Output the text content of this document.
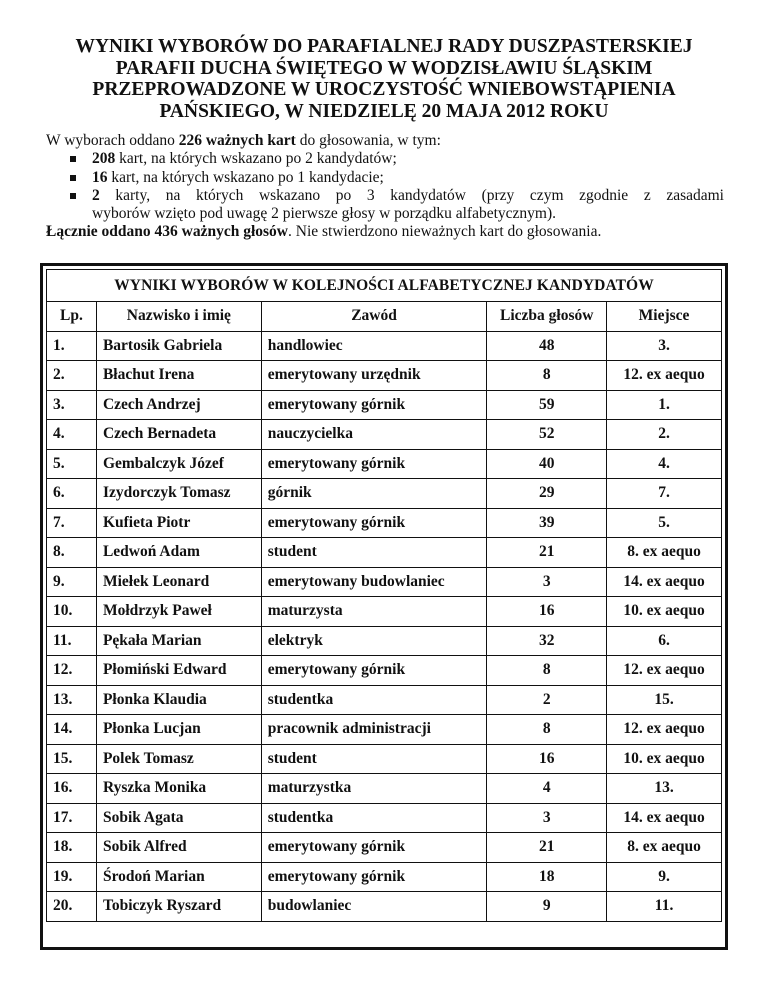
WYNIKI WYBORÓW DO PARAFIALNEJ RADY DUSZPASTERSKIEJ
PARAFII DUCHA ŚWIĘTEGO W WODZISŁAWIU ŚLĄSKIM
PRZEPROWADZONE W UROCZYSTOŚĆ WNIEBOWSTĄPIENIA
PAŃSKIEGO, W NIEDZIELĘ 20 MAJA 2012 ROKU
W wyborach oddano 226 ważnych kart do głosowania, w tym:
208 kart, na których wskazano po 2 kandydatów;
16 kart, na których wskazano po 1 kandydacie;
2 karty, na których wskazano po 3 kandydatów (przy czym zgodnie z zasadami
wyborów wzięto pod uwagę 2 pierwsze głosy w porządku alfabetycznym).
Łącznie oddano 436 ważnych głosów. Nie stwierdzono nieważnych kart do głosowania.
WYNIKI WYBORÓW W KOLEJNOŚCI ALFABETYCZNEJ KANDYDATÓW				
Lp.	Nazwisko i imię	Zawód	Liczba głosów	Miejsce
1.	Bartosik Gabriela	handlowiec	48	3.
2.	Błachut Irena	emerytowany urzędnik	8	12. ex aequo
3.	Czech Andrzej	emerytowany górnik	59	1.
4.	Czech Bernadeta	nauczycielka	52	2.
5.	Gembalczyk Józef	emerytowany górnik	40	4.
6.	Izydorczyk Tomasz	górnik	29	7.
7.	Kufieta Piotr	emerytowany górnik	39	5.
8.	Ledwoń Adam	student	21	8. ex aequo
9.	Miełek Leonard	emerytowany budowlaniec	3	14. ex aequo
10.	Mołdrzyk Paweł	maturzysta	16	10. ex aequo
11.	Pękała Marian	elektryk	32	6.
12.	Płomiński Edward	emerytowany górnik	8	12. ex aequo
13.	Płonka Klaudia	studentka	2	15.
14.	Płonka Lucjan	pracownik administracji	8	12. ex aequo
15.	Polek Tomasz	student	16	10. ex aequo
16.	Ryszka Monika	maturzystka	4	13.
17.	Sobik Agata	studentka	3	14. ex aequo
18.	Sobik Alfred	emerytowany górnik	21	8. ex aequo
19.	Środoń Marian	emerytowany górnik	18	9.
20.	Tobiczyk Ryszard	budowlaniec	9	11.
